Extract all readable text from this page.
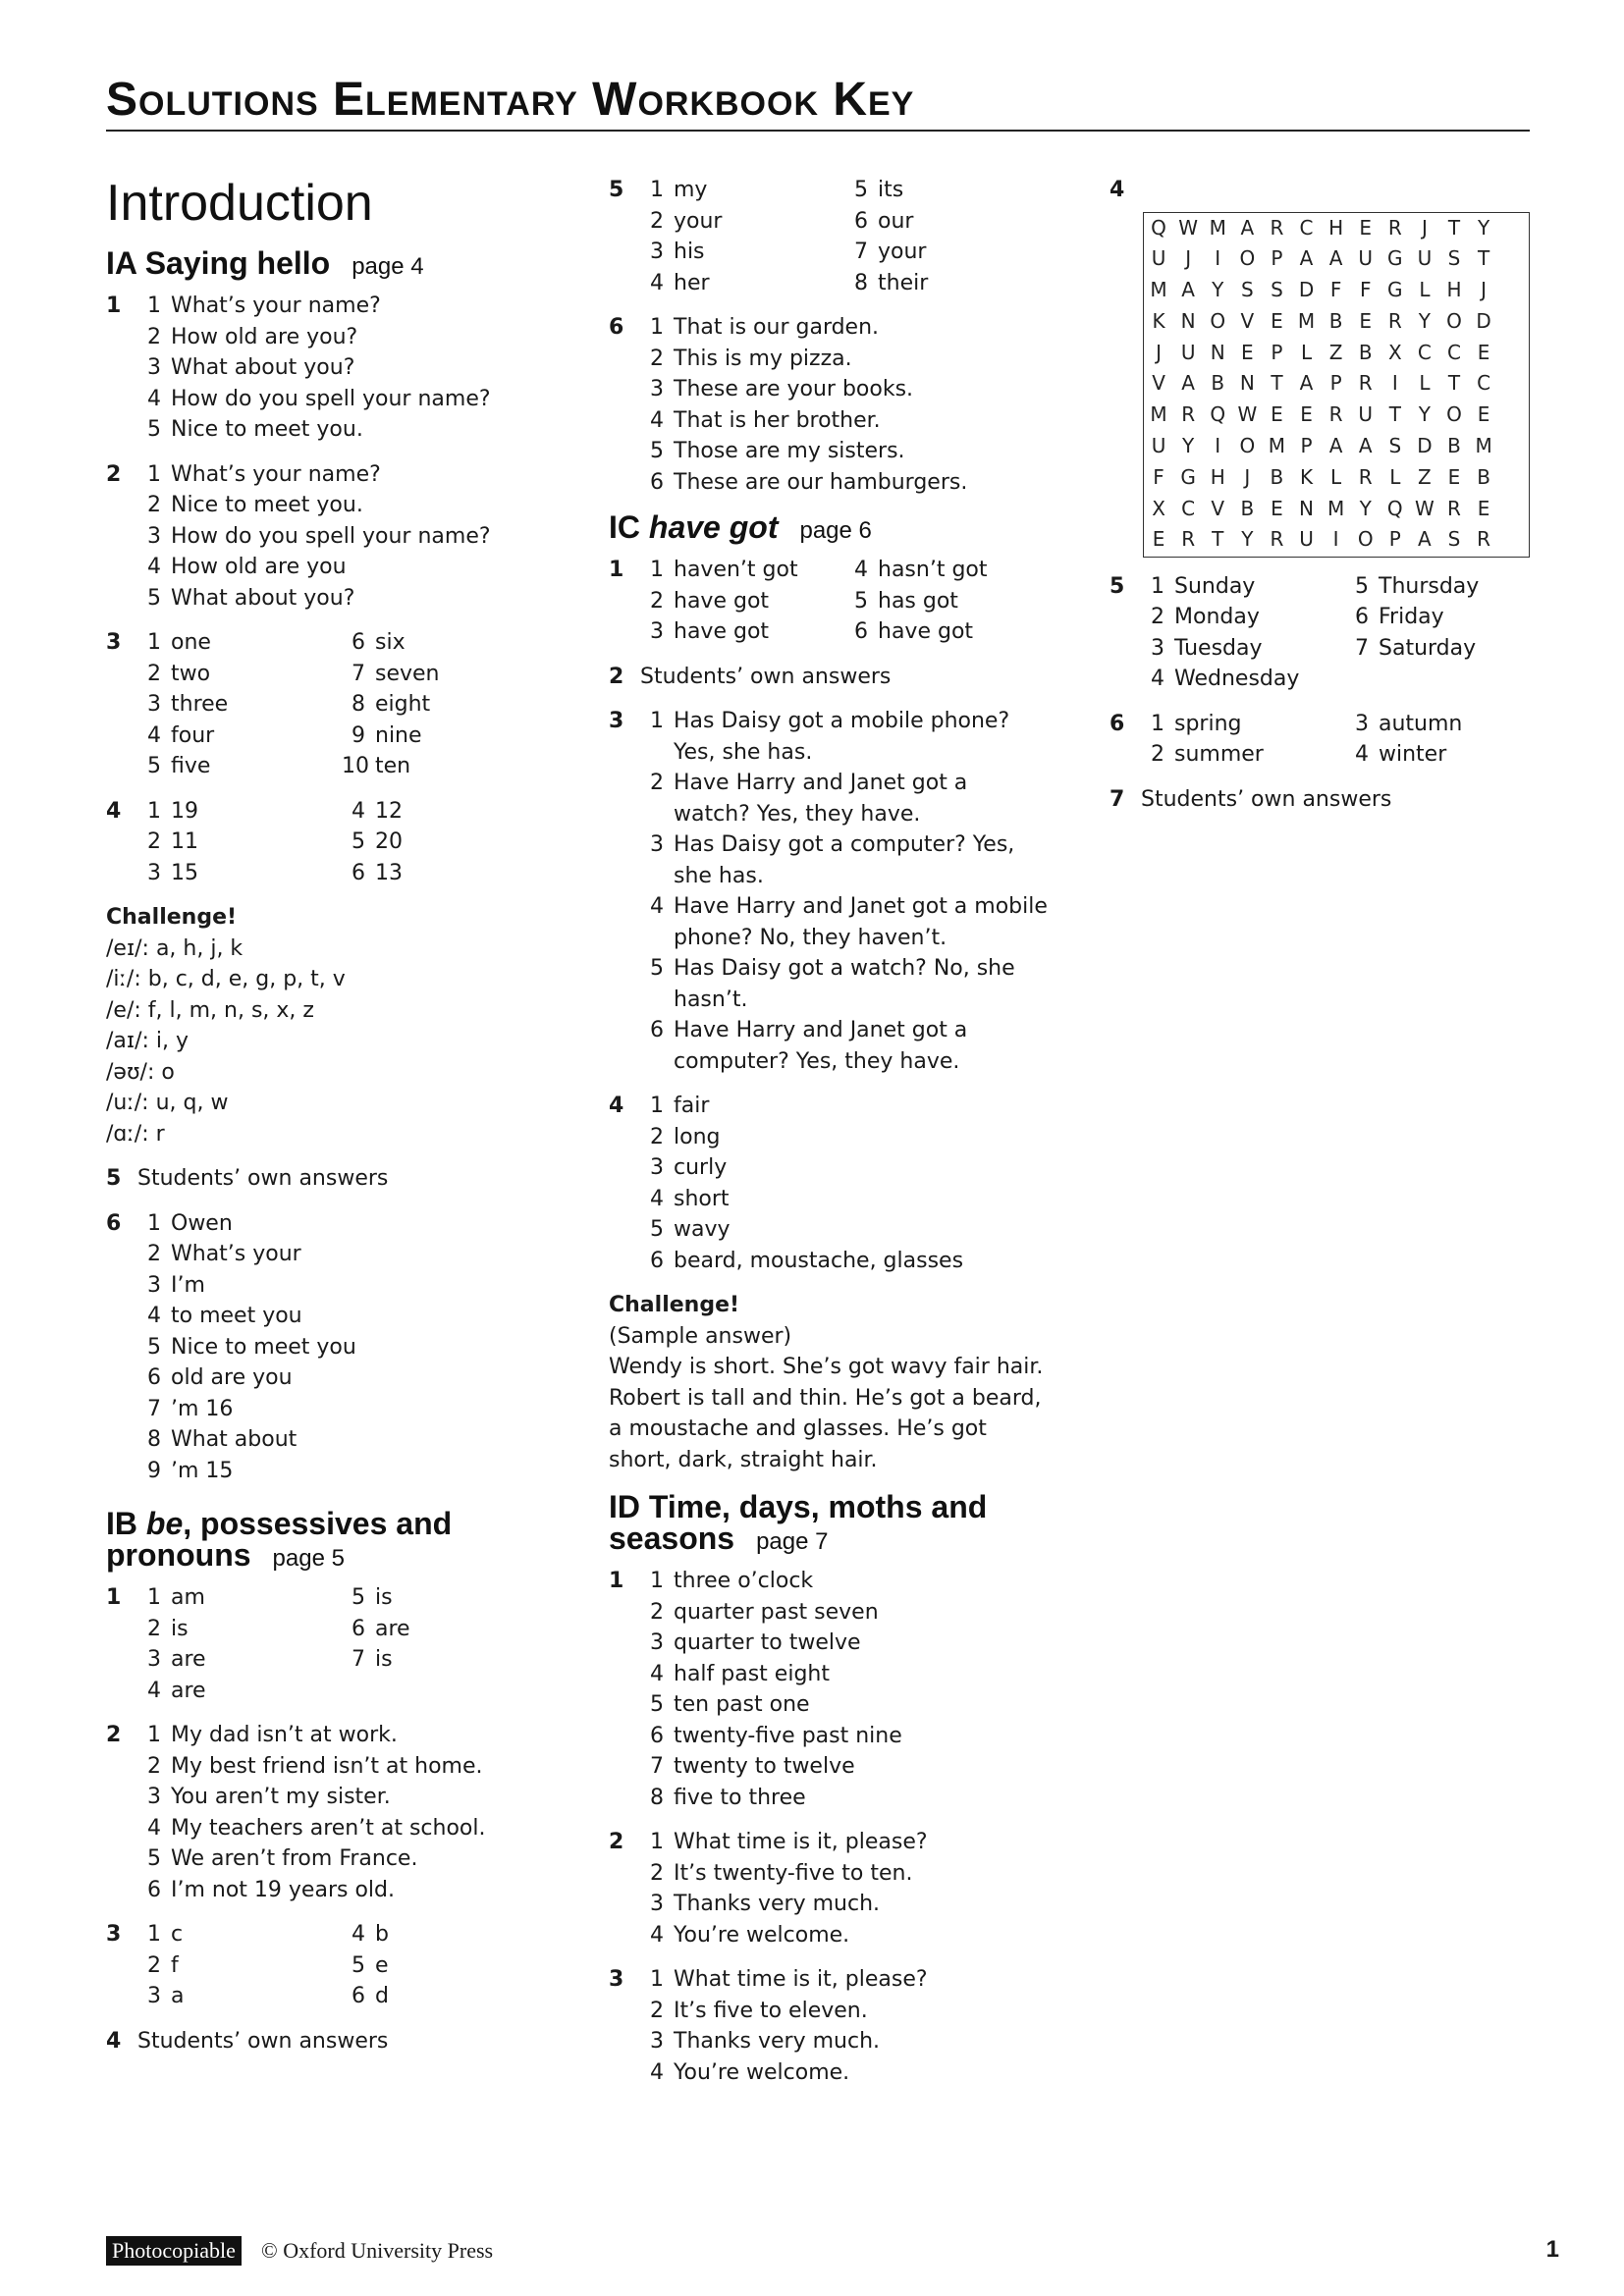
Solutions Elementary Workbook Key
Introduction
IA Saying hello page 4
1	1 What’s your name?
2 How old are you?
3 What about you?
4 How do you spell your name?
5 Nice to meet you.
2	1 What’s your name?
2 Nice to meet you.
3 How do you spell your name?
4 How old are you
5 What about you?
3	1 one	6 six
2 two	7 seven
3 three	8 eight
4 four	9 nine
5 five	10 ten
4	1 19	4 12
2 11	5 20
3 15	6 13
Challenge!
/eɪ/: a, h, j, k
/iː/: b, c, d, e, g, p, t, v
/e/: f, l, m, n, s, x, z
/aɪ/: i, y
/əʊ/: o
/uː/: u, q, w
/ɑː/: r
5 Students’ own answers
6	1 Owen
2 What’s your
3 I’m
4 to meet you
5 Nice to meet you
6 old are you
7 ’m 16
8 What about
9 ’m 15
IB be, possessives and pronouns page 5
1	1 am	5 is
2 is	6 are
3 are	7 is
4 are
2	1 My dad isn’t at work.
2 My best friend isn’t at home.
3 You aren’t my sister.
4 My teachers aren’t at school.
5 We aren’t from France.
6 I’m not 19 years old.
3	1 c	4 b
2 f	5 e
3 a	6 d
4 Students’ own answers
5	1 my	5 its
2 your	6 our
3 his	7 your
4 her	8 their
6	1 That is our garden.
2 This is my pizza.
3 These are your books.
4 That is her brother.
5 Those are my sisters.
6 These are our hamburgers.
IC have got page 6
1	1 haven’t got	4 hasn’t got
2 have got	5 has got
3 have got	6 have got
2 Students’ own answers
3	1 Has Daisy got a mobile phone? Yes, she has.
2 Have Harry and Janet got a watch? Yes, they have.
3 Has Daisy got a computer? Yes, she has.
4 Have Harry and Janet got a mobile phone? No, they haven’t.
5 Has Daisy got a watch? No, she hasn’t.
6 Have Harry and Janet got a computer? Yes, they have.
4	1 fair
2 long
3 curly
4 short
5 wavy
6 beard, moustache, glasses
Challenge!
(Sample answer)
Wendy is short. She’s got wavy fair hair. Robert is tall and thin. He’s got a beard, a moustache and glasses. He’s got short, dark, straight hair.
ID Time, days, moths and seasons page 7
1	1 three o’clock
2 quarter past seven
3 quarter to twelve
4 half past eight
5 ten past one
6 twenty-five past nine
7 twenty to twelve
8 five to three
2	1 What time is it, please?
2 It’s twenty-five to ten.
3 Thanks very much.
4 You’re welcome.
3	1 What time is it, please?
2 It’s five to eleven.
3 Thanks very much.
4 You’re welcome.
4
Q W M A R C H E R	J	T Y
U J	I O P A A U G U S T
M A Y S S D F F G L H J
K N O V E M B E R Y O D
J U N E P L Z B X C C E
V A B N T A P R	I	L T C
M R Q W E E R U T Y O E
U Y	I O M P A A S D B M
F G H J	B K L R L Z E B
X C V B E N M Y Q W R E
E R T Y R U I O P A S R
5	1 Sunday	5 Thursday
2 Monday	6 Friday
3 Tuesday	7 Saturday
4 Wednesday
6	1 spring	3 autumn
2 summer	4 winter
7 Students’ own answers
Photocopiable © Oxford University Press	1
